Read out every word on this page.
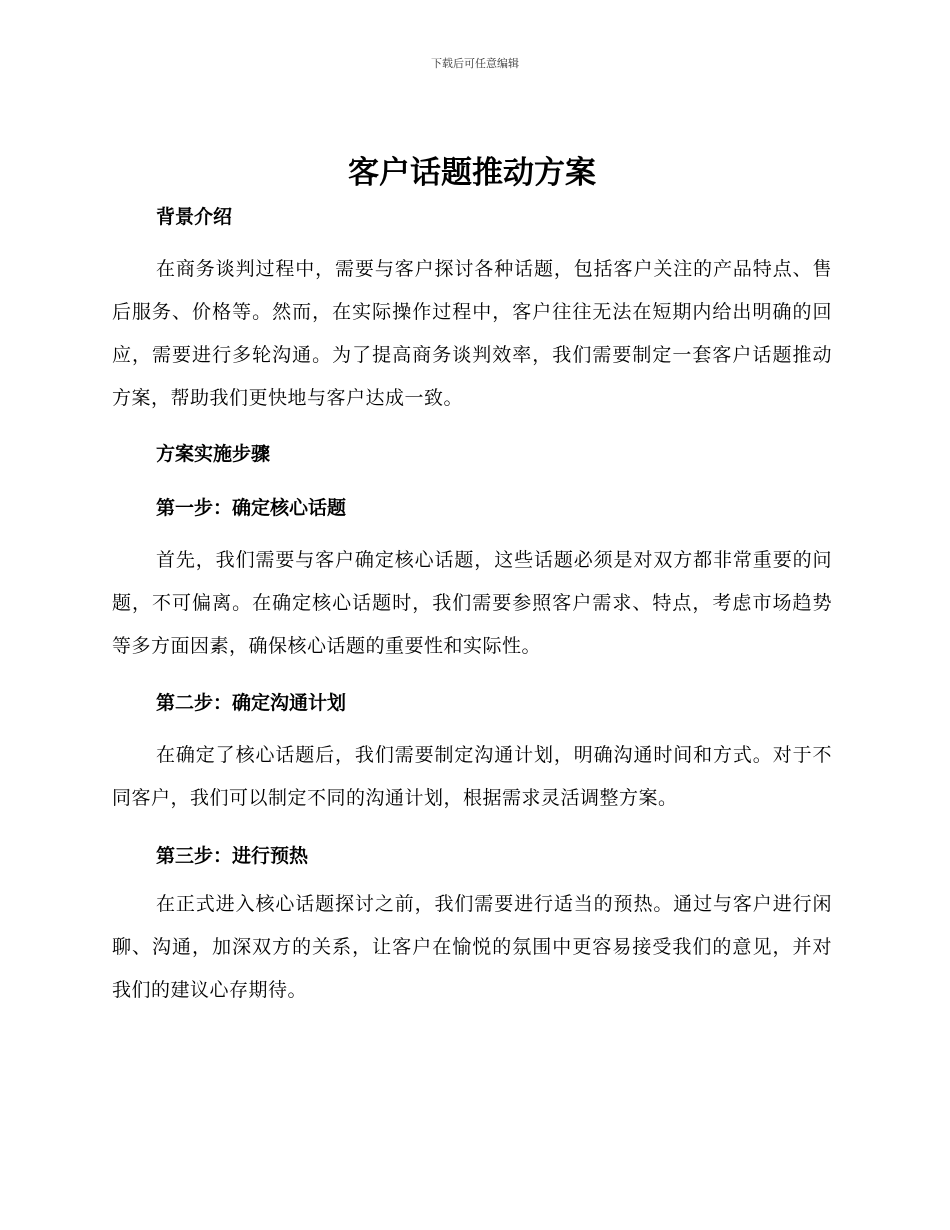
下载后可任意编辑
客户话题推动方案
背景介绍

在商务谈判过程中，需要与客户探讨各种话题，包括客户关注的产品特点、售后服务、价格等。然而，在实际操作过程中，客户往往无法在短期内给出明确的回应，需要进行多轮沟通。为了提高商务谈判效率，我们需要制定一套客户话题推动方案，帮助我们更快地与客户达成一致。

方案实施步骤
第一步：确定核心话题

首先，我们需要与客户确定核心话题，这些话题必须是对双方都非常重要的问题，不可偏离。在确定核心话题时，我们需要参照客户需求、特点，考虑市场趋势等多方面因素，确保核心话题的重要性和实际性。

第二步：确定沟通计划

在确定了核心话题后，我们需要制定沟通计划，明确沟通时间和方式。对于不同客户，我们可以制定不同的沟通计划，根据需求灵活调整方案。

第三步：进行预热

在正式进入核心话题探讨之前，我们需要进行适当的预热。通过与客户进行闲聊、沟通，加深双方的关系，让客户在愉悦的氛围中更容易接受我们的意见，并对我们的建议心存期待。
